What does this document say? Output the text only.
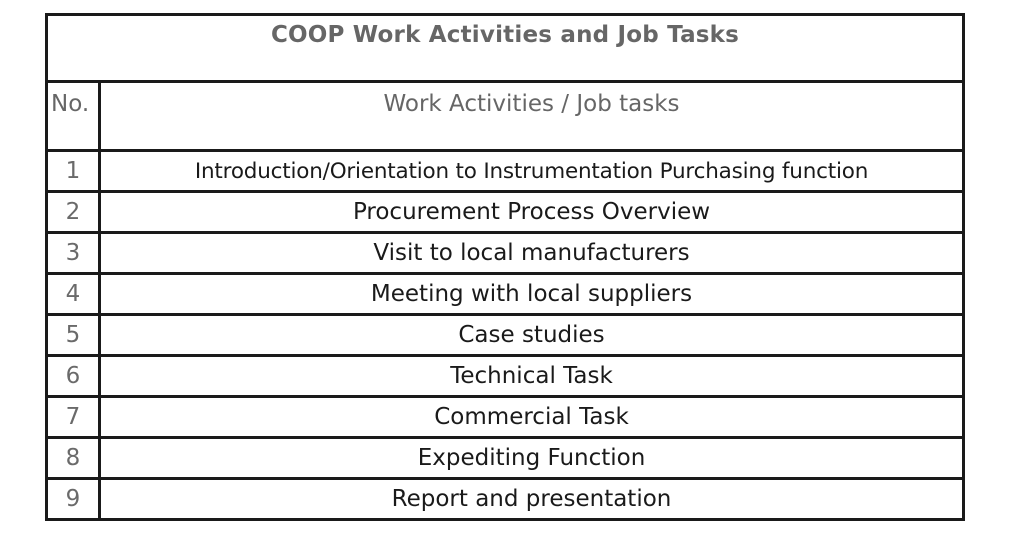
COOP Work Activities and Job Tasks	
No.	Work Activities / Job tasks
1	Introduction/Orientation to Instrumentation Purchasing function
2	Procurement Process Overview
3	Visit to local manufacturers
4	Meeting with local suppliers
5	Case studies
6	Technical Task
7	Commercial Task
8	Expediting Function
9	Report and presentation
